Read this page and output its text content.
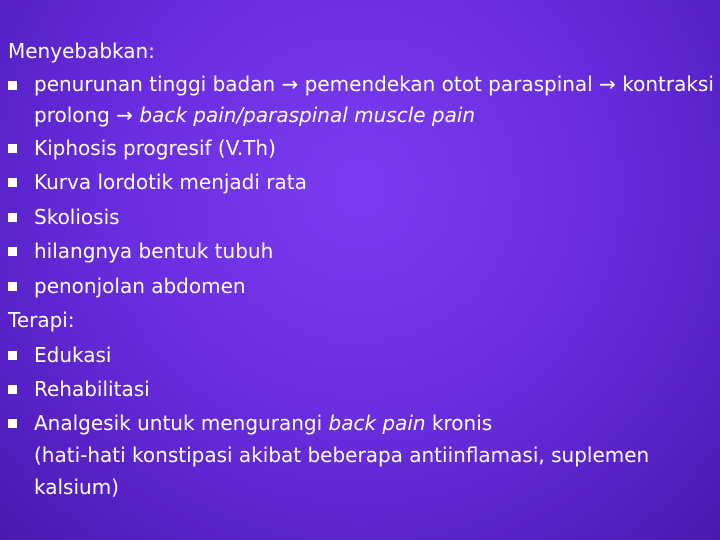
Menyebabkan:

penurunan tinggi badan → pemendekan otot paraspinal → kontraksi prolong → back pain/paraspinal muscle pain

Kiphosis progresif (V.Th)

Kurva lordotik menjadi rata

Skoliosis

hilangnya bentuk tubuh

penonjolan abdomen

Terapi:

Edukasi

Rehabilitasi

Analgesik untuk mengurangi back pain kronis
(hati-hati konstipasi akibat beberapa antiinflamasi, suplemen kalsium)
